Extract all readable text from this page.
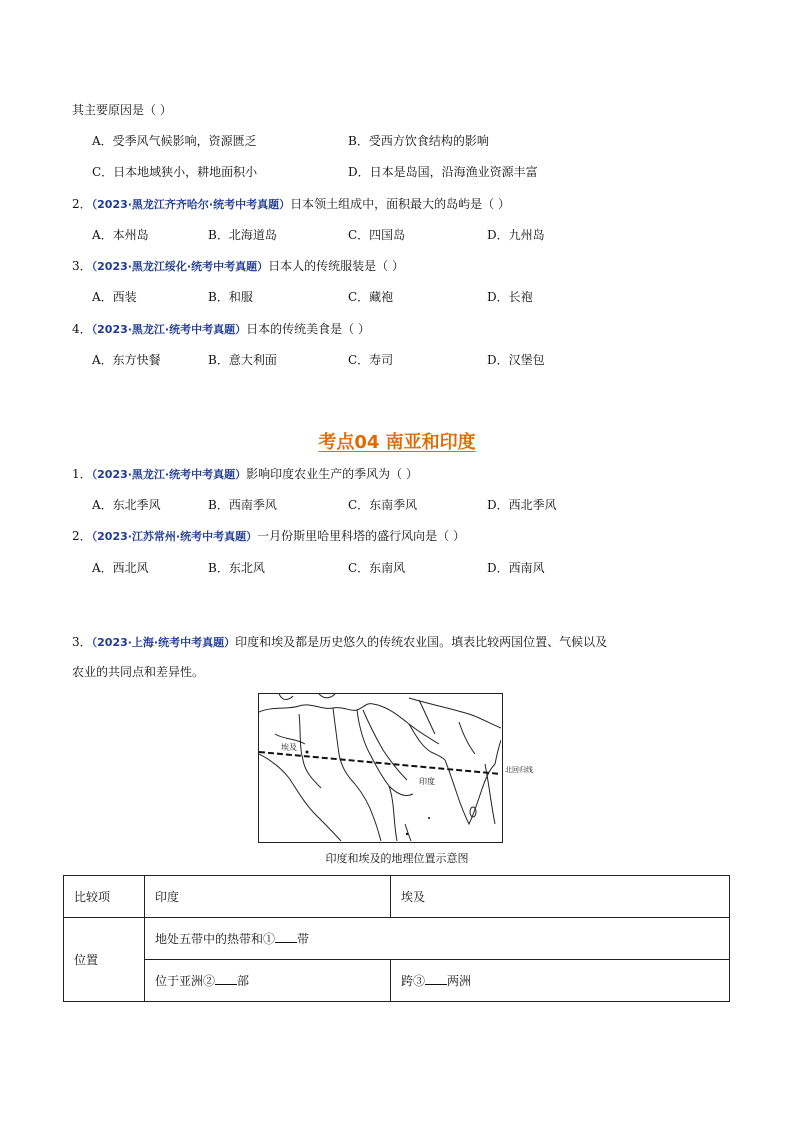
其主要原因是（ ）
A．受季风气候影响，资源匮乏	B．受西方饮食结构的影响
C．日本地域狭小，耕地面积小	D．日本是岛国，沿海渔业资源丰富
2．（2023·黑龙江齐齐哈尔·统考中考真题）日本领土组成中，面积最大的岛屿是（ ）
A．本州岛	B．北海道岛	C．四国岛	D．九州岛
3．（2023·黑龙江绥化·统考中考真题）日本人的传统服装是（ ）
A．西装	B．和服	C．藏袍	D．长袍
4．（2023·黑龙江·统考中考真题）日本的传统美食是（ ）
A．东方快餐	B．意大利面	C．寿司	D．汉堡包
考点04 南亚和印度
1．（2023·黑龙江·统考中考真题）影响印度农业生产的季风为（ ）
A．东北季风	B．西南季风	C．东南季风	D．西北季风
2．（2023·江苏常州·统考中考真题）一月份斯里哈里科塔的盛行风向是（ ）
A．西北风	B．东北风	C．东南风	D．西南风
3．（2023·上海·统考中考真题）印度和埃及都是历史悠久的传统农业国。填表比较两国位置、气候以及
农业的共同点和差异性。
埃及
印度
北回归线
印度和埃及的地理位置示意图
比较项	印度	埃及
位置	地处五带中的热带和① 带	
	位于亚洲② 部	跨③ 两洲
